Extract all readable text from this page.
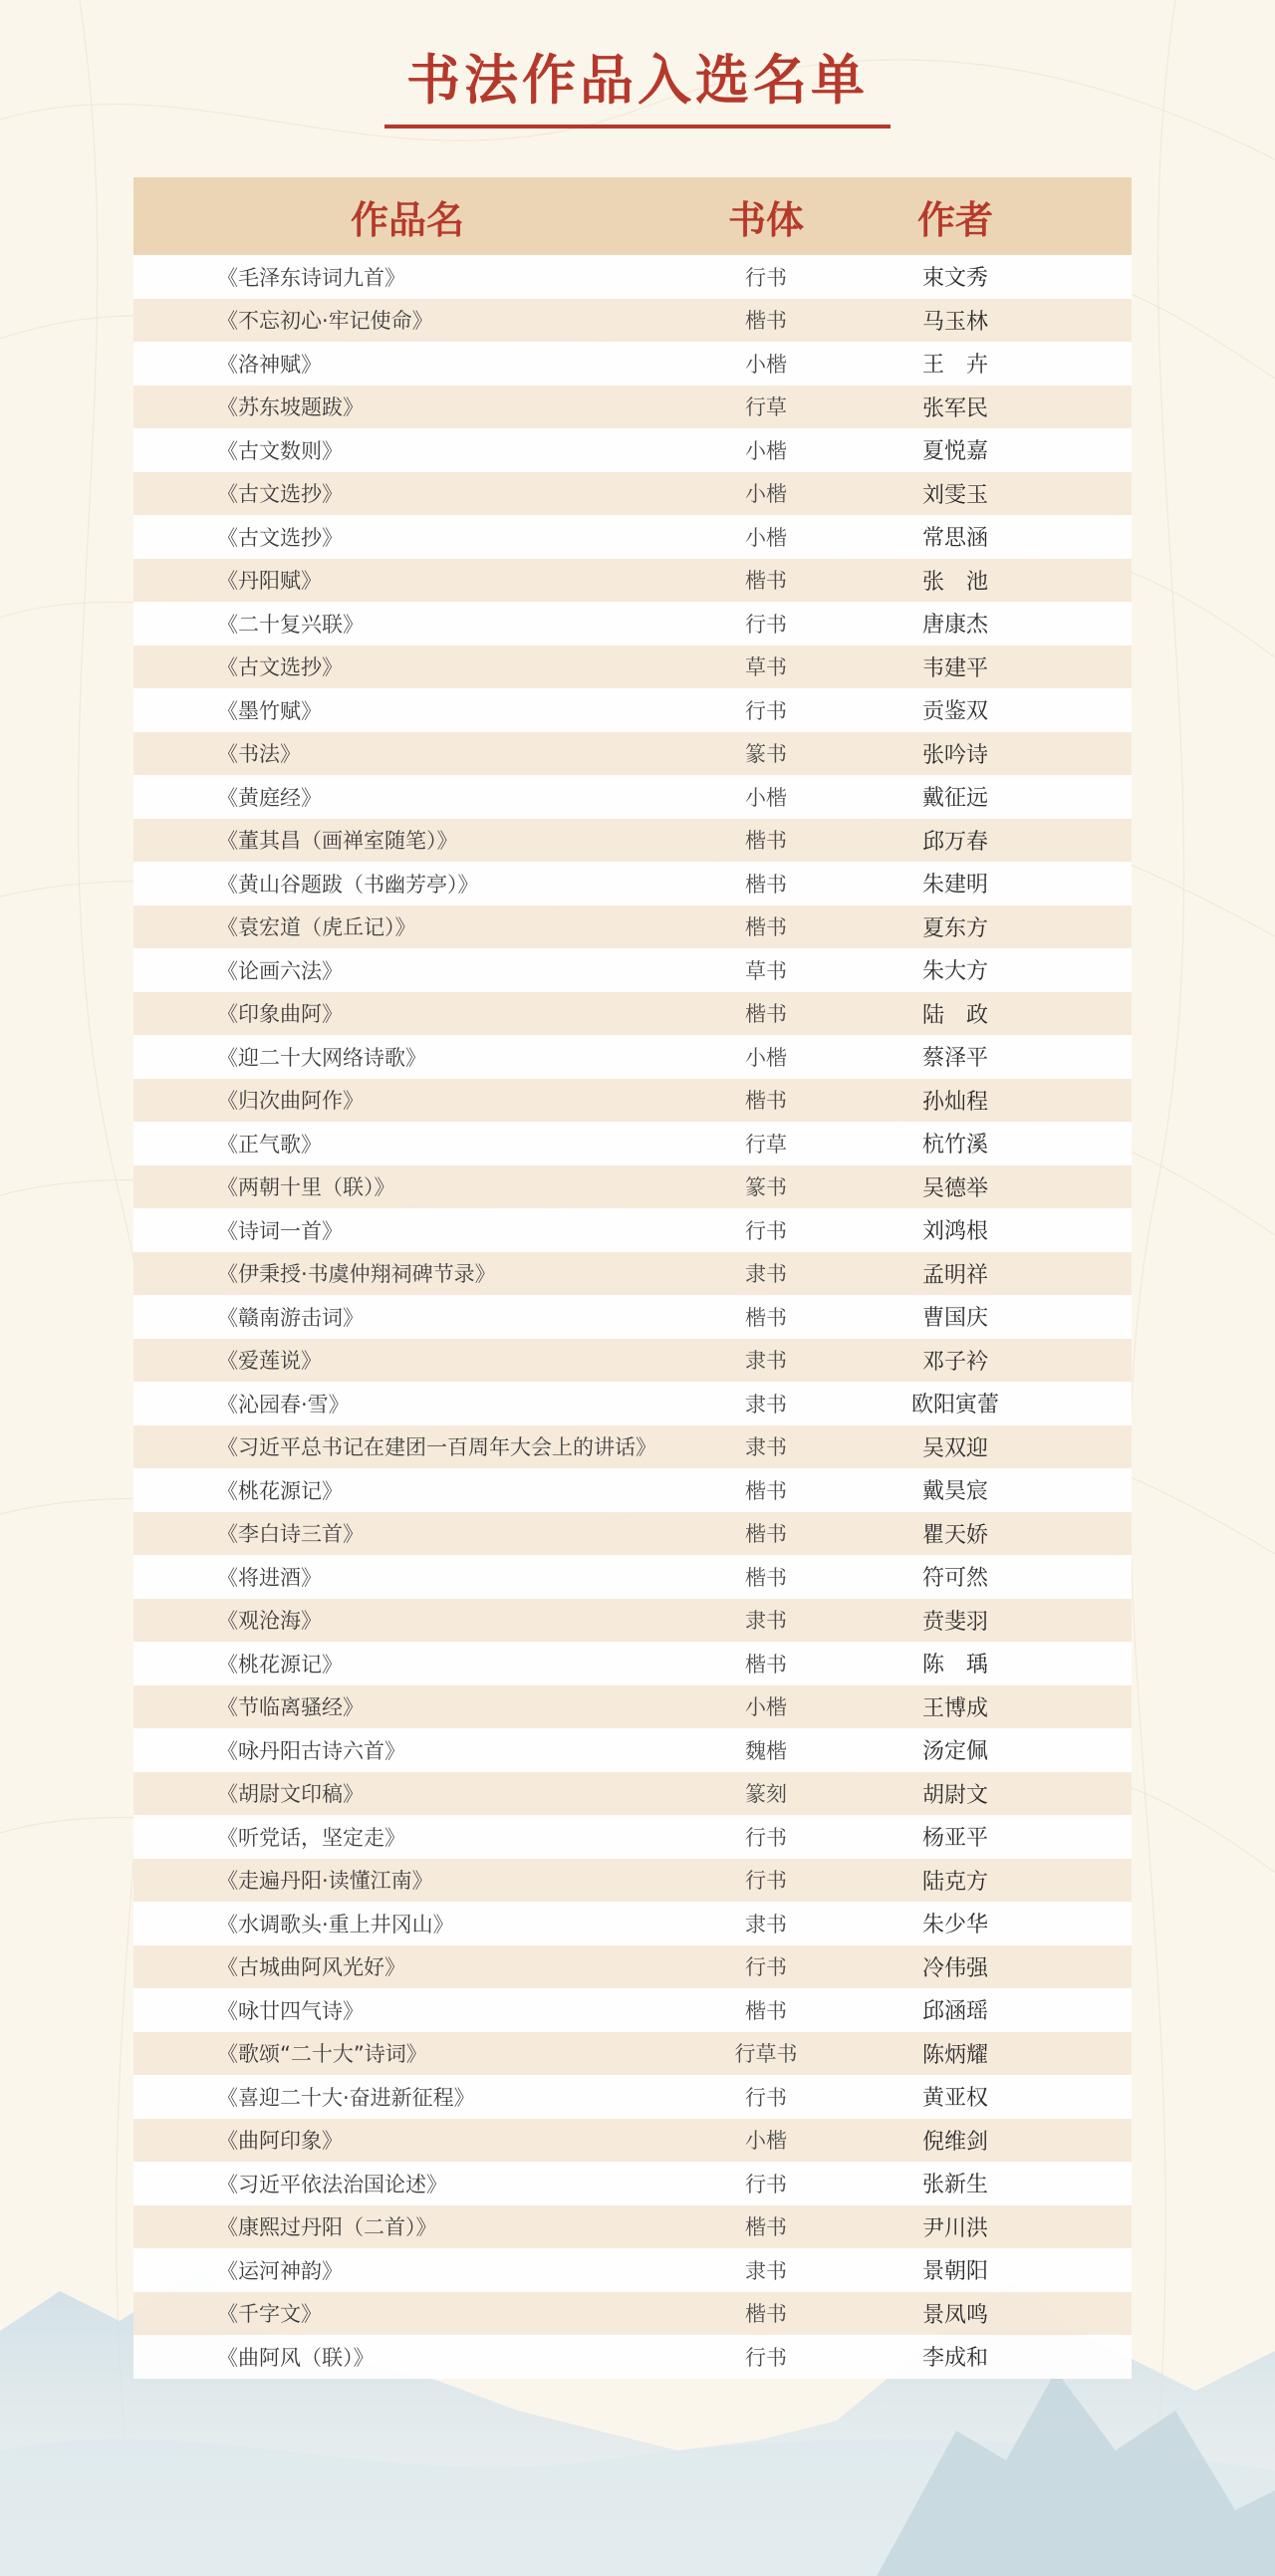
书法作品入选名单
作品名	书体	作者
《毛泽东诗词九首》	行书	束文秀
《不忘初心·牢记使命》	楷书	马玉林
《洛神赋》	小楷	王　卉
《苏东坡题跋》	行草	张军民
《古文数则》	小楷	夏悦嘉
《古文选抄》	小楷	刘雯玉
《古文选抄》	小楷	常思涵
《丹阳赋》	楷书	张　池
《二十复兴联》	行书	唐康杰
《古文选抄》	草书	韦建平
《墨竹赋》	行书	贡鉴双
《书法》	篆书	张吟诗
《黄庭经》	小楷	戴征远
《董其昌（画禅室随笔）》	楷书	邱万春
《黄山谷题跋（书幽芳亭）》	楷书	朱建明
《袁宏道（虎丘记）》	楷书	夏东方
《论画六法》	草书	朱大方
《印象曲阿》	楷书	陆　政
《迎二十大网络诗歌》	小楷	蔡泽平
《归次曲阿作》	楷书	孙灿程
《正气歌》	行草	杭竹溪
《两朝十里（联）》	篆书	吴德举
《诗词一首》	行书	刘鸿根
《伊秉授·书虞仲翔祠碑节录》	隶书	孟明祥
《赣南游击词》	楷书	曹国庆
《爱莲说》	隶书	邓子衿
《沁园春·雪》	隶书	欧阳寅蕾
《习近平总书记在建团一百周年大会上的讲话》	隶书	吴双迎
《桃花源记》	楷书	戴昊宸
《李白诗三首》	楷书	瞿天娇
《将进酒》	楷书	符可然
《观沧海》	隶书	贲斐羽
《桃花源记》	楷书	陈　瑀
《节临离骚经》	小楷	王博成
《咏丹阳古诗六首》	魏楷	汤定佩
《胡尉文印稿》	篆刻	胡尉文
《听党话，坚定走》	行书	杨亚平
《走遍丹阳·读懂江南》	行书	陆克方
《水调歌头·重上井冈山》	隶书	朱少华
《古城曲阿风光好》	行书	冷伟强
《咏廿四气诗》	楷书	邱涵瑶
《歌颂“二十大”诗词》	行草书	陈炳耀
《喜迎二十大·奋进新征程》	行书	黄亚权
《曲阿印象》	小楷	倪维剑
《习近平依法治国论述》	行书	张新生
《康熙过丹阳（二首）》	楷书	尹川洪
《运河神韵》	隶书	景朝阳
《千字文》	楷书	景凤鸣
《曲阿风（联）》	行书	李成和
